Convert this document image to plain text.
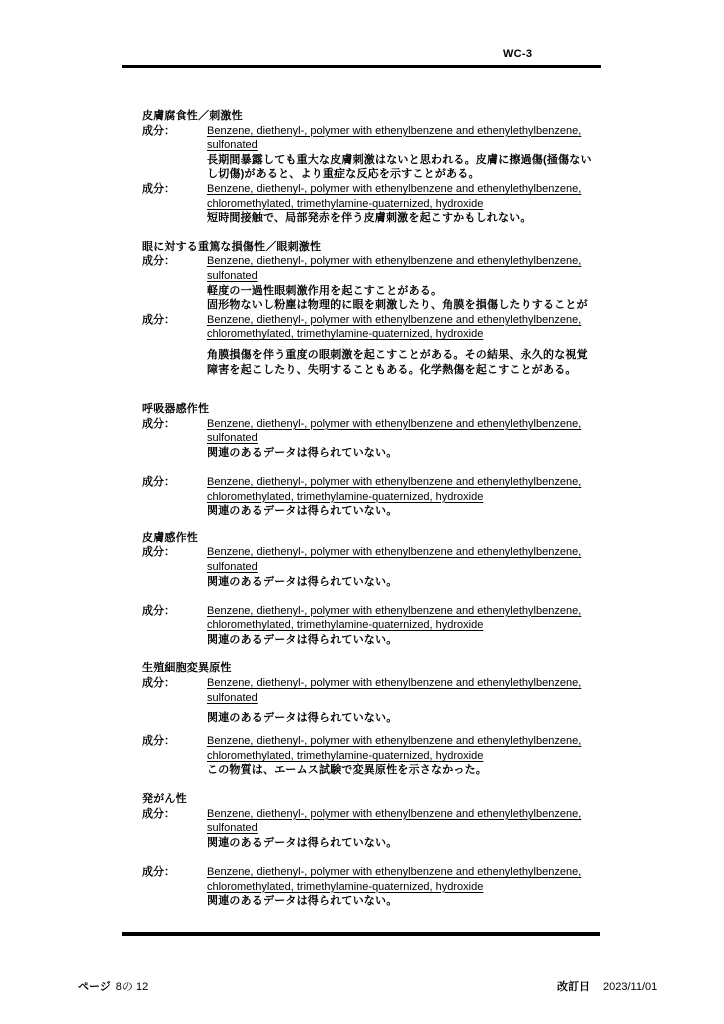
WC-3
皮膚腐食性／刺激性
成分：	Benzene, diethenyl-, polymer with ethenylbenzene and ethenylethylbenzene,
sulfonated
長期間暴露しても重大な皮膚刺激はないと思われる。皮膚に擦過傷(掻傷ない
し切傷)があると、より重症な反応を示すことがある。
成分：	Benzene, diethenyl-, polymer with ethenylbenzene and ethenylethylbenzene,
chloromethylated, trimethylamine-quaternized, hydroxide
短時間接触で、局部発赤を伴う皮膚刺激を起こすかもしれない。
眼に対する重篤な損傷性／眼刺激性
成分：	Benzene, diethenyl-, polymer with ethenylbenzene and ethenylethylbenzene,
sulfonated
軽度の一過性眼刺激作用を起こすことがある。
固形物ないし粉塵は物理的に眼を刺激したり、角膜を損傷したりすることが
成分：	Benzene, diethenyl-, polymer with ethenylbenzene and ethenylethylbenzene,
chloromethylated, trimethylamine-quaternized, hydroxide
角膜損傷を伴う重度の眼刺激を起こすことがある。その結果、永久的な視覚
障害を起こしたり、失明することもある。化学熱傷を起こすことがある。
呼吸器感作性
成分：	Benzene, diethenyl-, polymer with ethenylbenzene and ethenylethylbenzene,
sulfonated
関連のあるデータは得られていない。
成分：	Benzene, diethenyl-, polymer with ethenylbenzene and ethenylethylbenzene,
chloromethylated, trimethylamine-quaternized, hydroxide
関連のあるデータは得られていない。
皮膚感作性
成分：	Benzene, diethenyl-, polymer with ethenylbenzene and ethenylethylbenzene,
sulfonated
関連のあるデータは得られていない。
成分：	Benzene, diethenyl-, polymer with ethenylbenzene and ethenylethylbenzene,
chloromethylated, trimethylamine-quaternized, hydroxide
関連のあるデータは得られていない。
生殖細胞変異原性
成分：	Benzene, diethenyl-, polymer with ethenylbenzene and ethenylethylbenzene,
sulfonated
関連のあるデータは得られていない。
成分：	Benzene, diethenyl-, polymer with ethenylbenzene and ethenylethylbenzene,
chloromethylated, trimethylamine-quaternized, hydroxide
この物質は、エームス試験で変異原性を示さなかった。
発がん性
成分：	Benzene, diethenyl-, polymer with ethenylbenzene and ethenylethylbenzene,
sulfonated
関連のあるデータは得られていない。
成分：	Benzene, diethenyl-, polymer with ethenylbenzene and ethenylethylbenzene,
chloromethylated, trimethylamine-quaternized, hydroxide
関連のあるデータは得られていない。
ページ 8の 12	改訂日 2023/11/01
